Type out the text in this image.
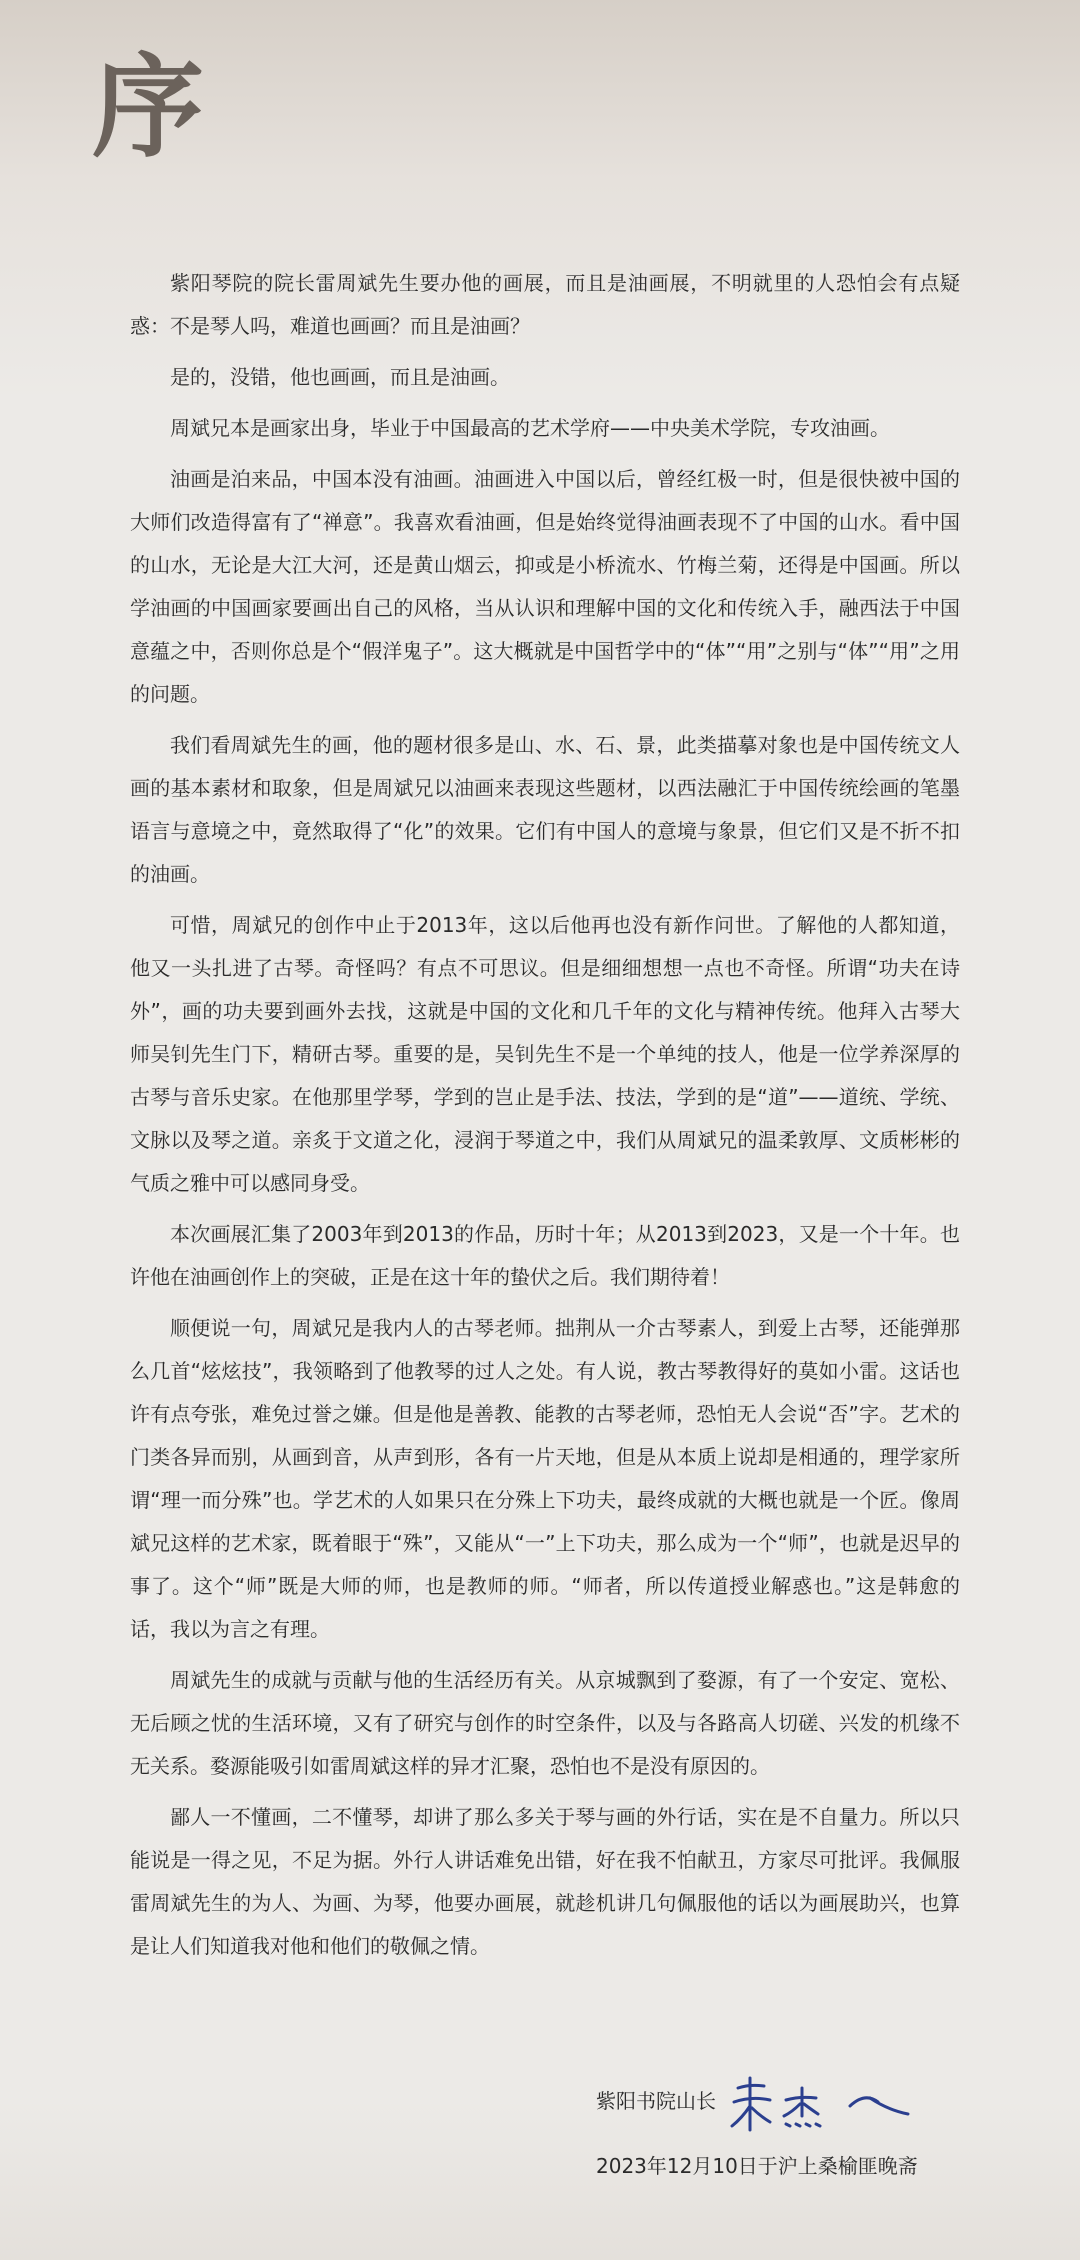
序

紫阳琴院的院长雷周斌先生要办他的画展，而且是油画展，不明就里的人恐怕会有点疑惑：不是琴人吗，难道也画画？而且是油画？

是的，没错，他也画画，而且是油画。

周斌兄本是画家出身，毕业于中国最高的艺术学府——中央美术学院，专攻油画。

油画是泊来品，中国本没有油画。油画进入中国以后，曾经红极一时，但是很快被中国的大师们改造得富有了“禅意”。我喜欢看油画，但是始终觉得油画表现不了中国的山水。看中国的山水，无论是大江大河，还是黄山烟云，抑或是小桥流水、竹梅兰菊，还得是中国画。所以学油画的中国画家要画出自己的风格，当从认识和理解中国的文化和传统入手，融西法于中国意蕴之中，否则你总是个“假洋鬼子”。这大概就是中国哲学中的“体”“用”之别与“体”“用”之用的问题。

我们看周斌先生的画，他的题材很多是山、水、石、景，此类描摹对象也是中国传统文人画的基本素材和取象，但是周斌兄以油画来表现这些题材，以西法融汇于中国传统绘画的笔墨语言与意境之中，竟然取得了“化”的效果。它们有中国人的意境与象景，但它们又是不折不扣的油画。

可惜，周斌兄的创作中止于2013年，这以后他再也没有新作问世。了解他的人都知道，他又一头扎进了古琴。奇怪吗？有点不可思议。但是细细想想一点也不奇怪。所谓“功夫在诗外”，画的功夫要到画外去找，这就是中国的文化和几千年的文化与精神传统。他拜入古琴大师吴钊先生门下，精研古琴。重要的是，吴钊先生不是一个单纯的技人，他是一位学养深厚的古琴与音乐史家。在他那里学琴，学到的岂止是手法、技法，学到的是“道”——道统、学统、文脉以及琴之道。亲炙于文道之化，浸润于琴道之中，我们从周斌兄的温柔敦厚、文质彬彬的气质之雅中可以感同身受。

本次画展汇集了2003年到2013的作品，历时十年；从2013到2023，又是一个十年。也许他在油画创作上的突破，正是在这十年的蛰伏之后。我们期待着！

顺便说一句，周斌兄是我内人的古琴老师。拙荆从一介古琴素人，到爱上古琴，还能弹那么几首“炫炫技”，我领略到了他教琴的过人之处。有人说，教古琴教得好的莫如小雷。这话也许有点夸张，难免过誉之嫌。但是他是善教、能教的古琴老师，恐怕无人会说“否”字。艺术的门类各异而别，从画到音，从声到形，各有一片天地，但是从本质上说却是相通的，理学家所谓“理一而分殊”也。学艺术的人如果只在分殊上下功夫，最终成就的大概也就是一个匠。像周斌兄这样的艺术家，既着眼于“殊”，又能从“一”上下功夫，那么成为一个“师”，也就是迟早的事了。这个“师”既是大师的师，也是教师的师。“师者，所以传道授业解惑也。”这是韩愈的话，我以为言之有理。

周斌先生的成就与贡献与他的生活经历有关。从京城飘到了婺源，有了一个安定、宽松、无后顾之忧的生活环境，又有了研究与创作的时空条件，以及与各路高人切磋、兴发的机缘不无关系。婺源能吸引如雷周斌这样的异才汇聚，恐怕也不是没有原因的。

鄙人一不懂画，二不懂琴，却讲了那么多关于琴与画的外行话，实在是不自量力。所以只能说是一得之见，不足为据。外行人讲话难免出错，好在我不怕献丑，方家尽可批评。我佩服雷周斌先生的为人、为画、为琴，他要办画展，就趁机讲几句佩服他的话以为画展助兴，也算是让人们知道我对他和他们的敬佩之情。

紫阳书院山长
2023年12月10日于沪上桑榆匪晚斋
